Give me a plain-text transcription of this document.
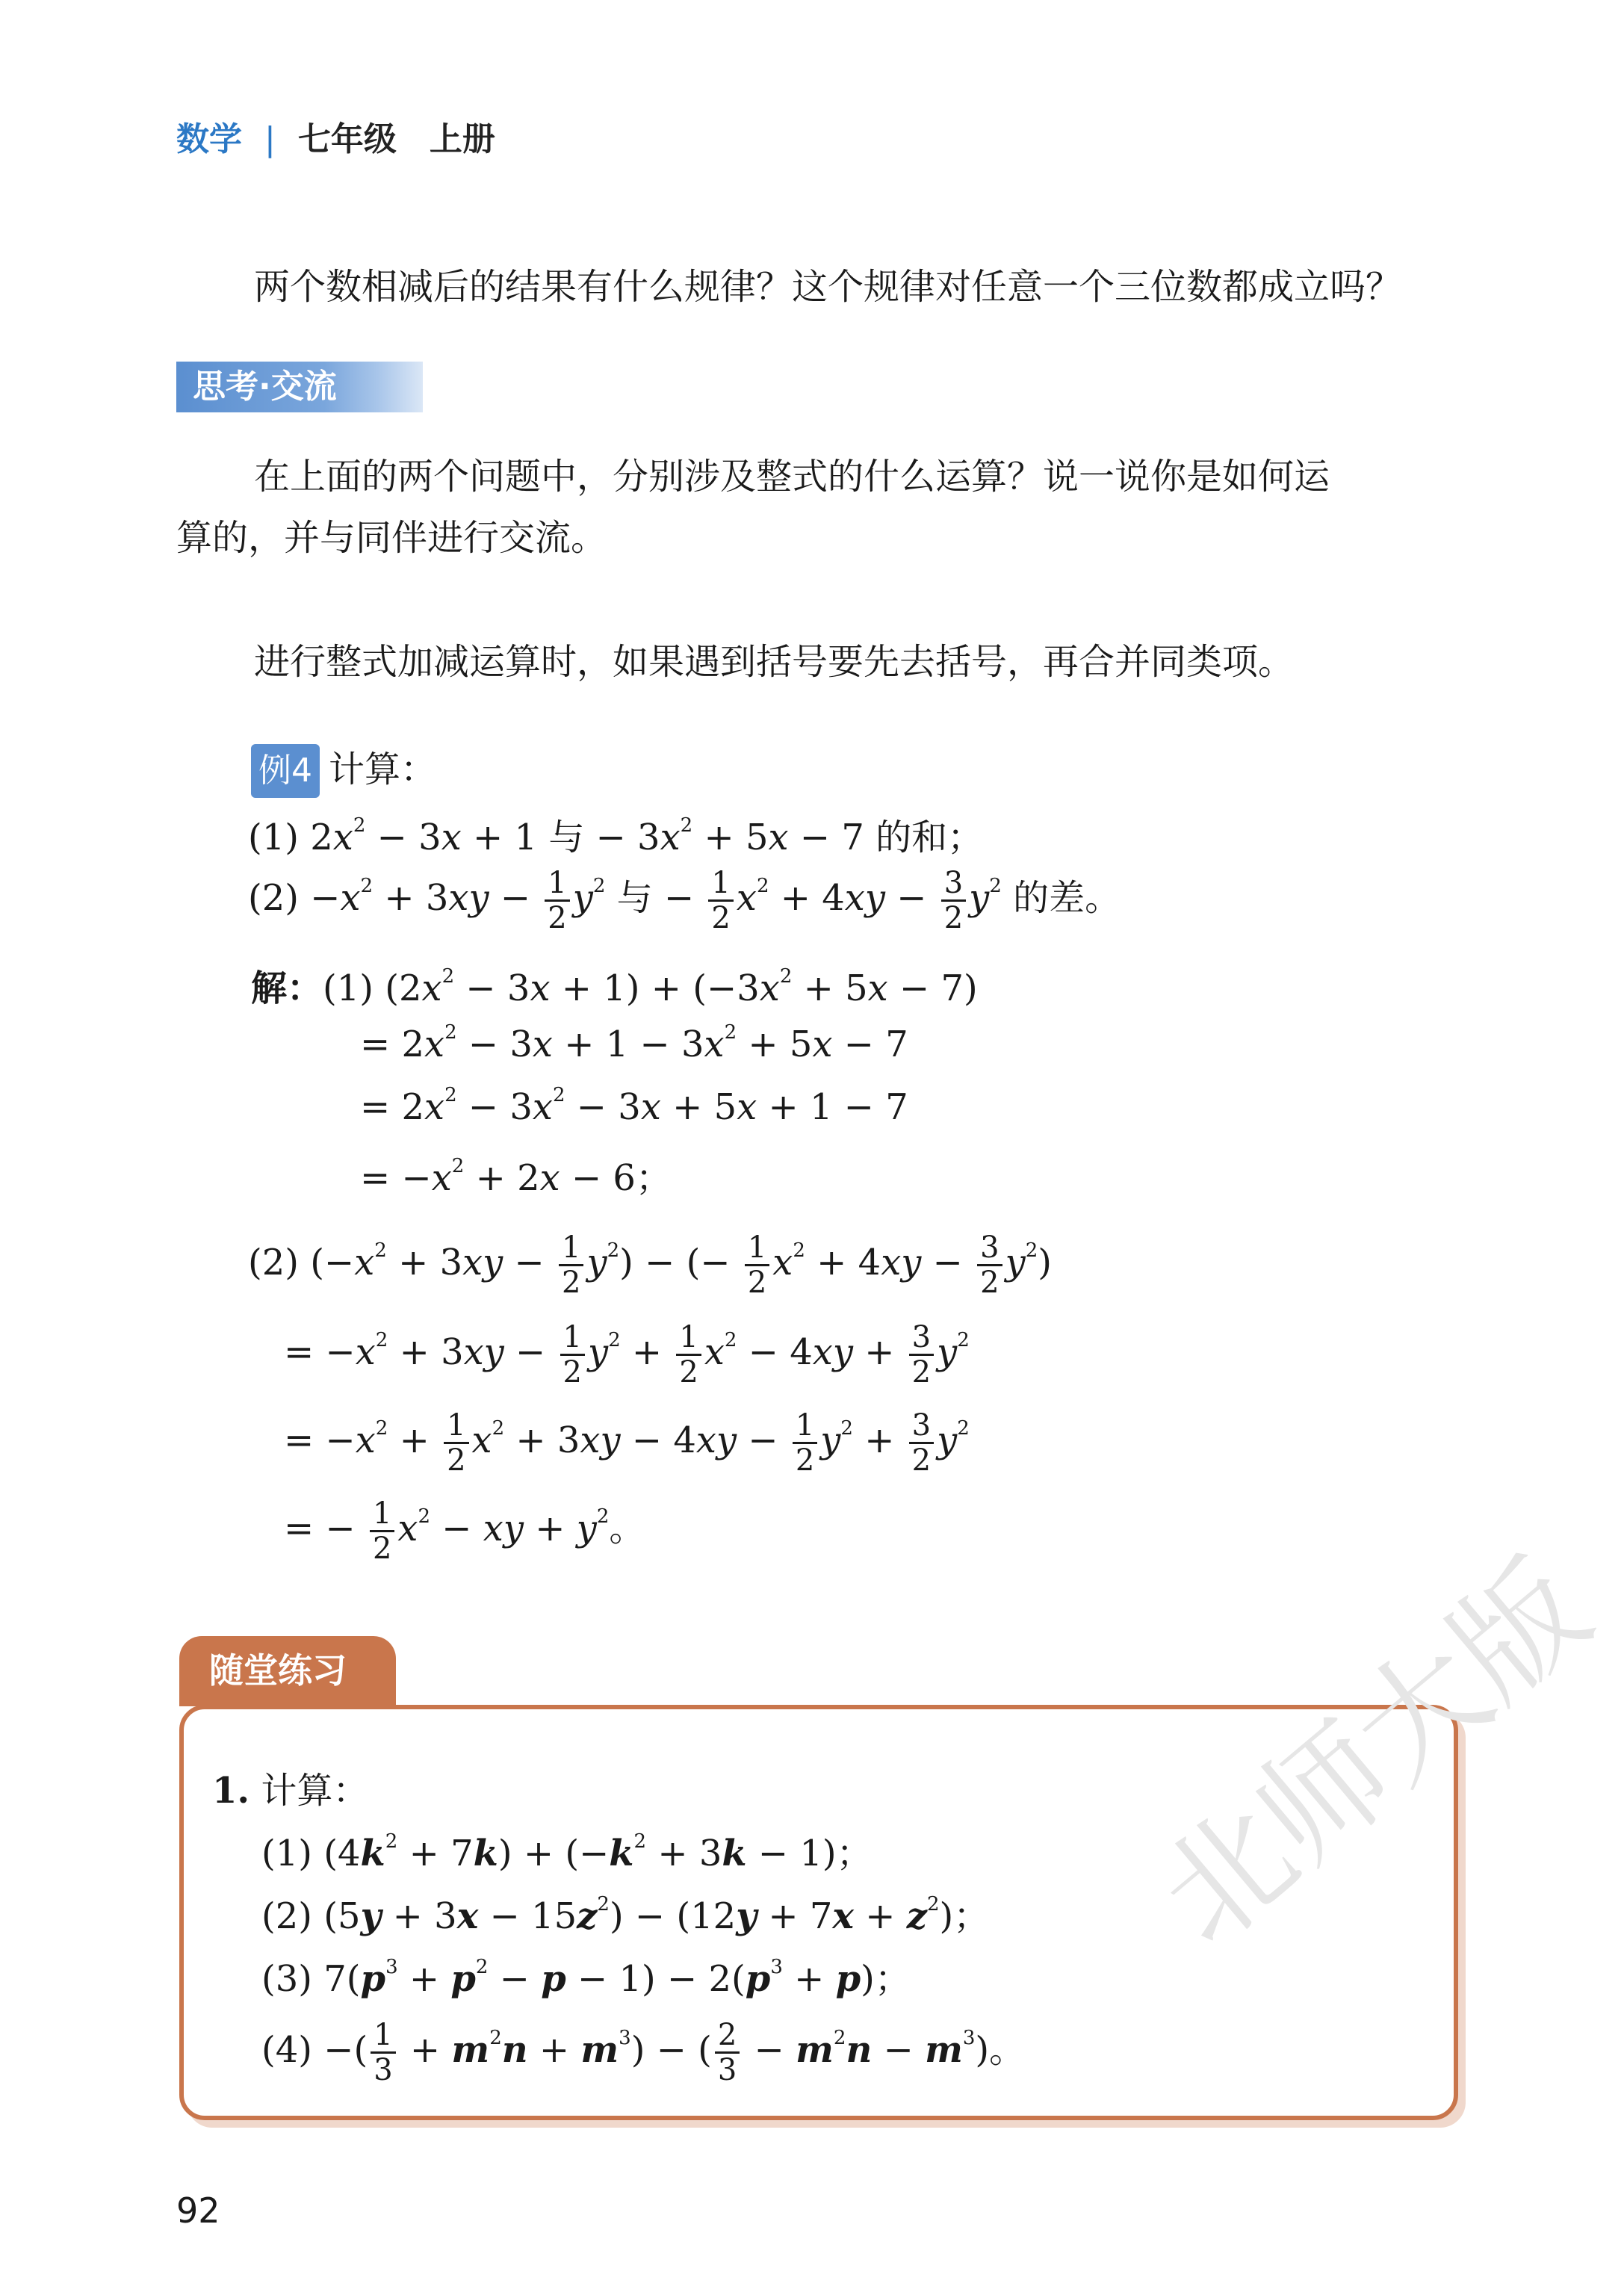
数学 | 七年级　上册
两个数相减后的结果有什么规律？这个规律对任意一个三位数都成立吗？
思考·交流
在上面的两个问题中，分别涉及整式的什么运算？说一说你是如何运
算的，并与同伴进行交流。
进行整式加减运算时，如果遇到括号要先去括号，再合并同类项。
例4 计算：
(1) $2x^2 - 3x + 1$ 与 − $3x^2 + 5x - 7$ 的和；
$(2) -x^2 + 3xy - \frac{1}{2} y^2$ 与 − $\frac{1}{2} x^2 + 4xy - \frac{3}{2} y^2$ 的差。
解：(1) $(2x^2 - 3x + 1) + (-3x^2 + 5x - 7)$
= $2x^2 - 3x + 1 - 3x^2 + 5x - 7$
= $2x^2 - 3x^2 - 3x + 5x + 1 - 7$
= $-x^2 + 2x - 6$；
(2) $(-x^2 + 3xy - \frac{1}{2} y^2)$ − (− $\frac{1}{2} x^2 + 4xy - \frac{3}{2} y^2$)
= $-x^2 + 3xy - \frac{1}{2} y^2 + \frac{1}{2} x^2 - 4xy + \frac{3}{2} y^2$
= $-x^2 + \frac{1}{2} x^2 + 3xy - 4xy - \frac{1}{2} y^2 + \frac{3}{2} y^2$
= − $\frac{1}{2} x^2$ − xy + $y^2$。
随堂练习
1. 计算：
(1) $(4k^2 + 7k) + (-k^2 + 3k - 1)$；
(2) $(5y + 3x - 15z^2) - (12y + 7x + z^2)$；
(3) $7(p^3 + p^2 - p - 1) - 2(p^3 + p)$；
(4) −( $\frac{1}{3} + m^2n + m^3$) − ( $\frac{2}{3} - m^2n - m^3$)。
北师大版
92
